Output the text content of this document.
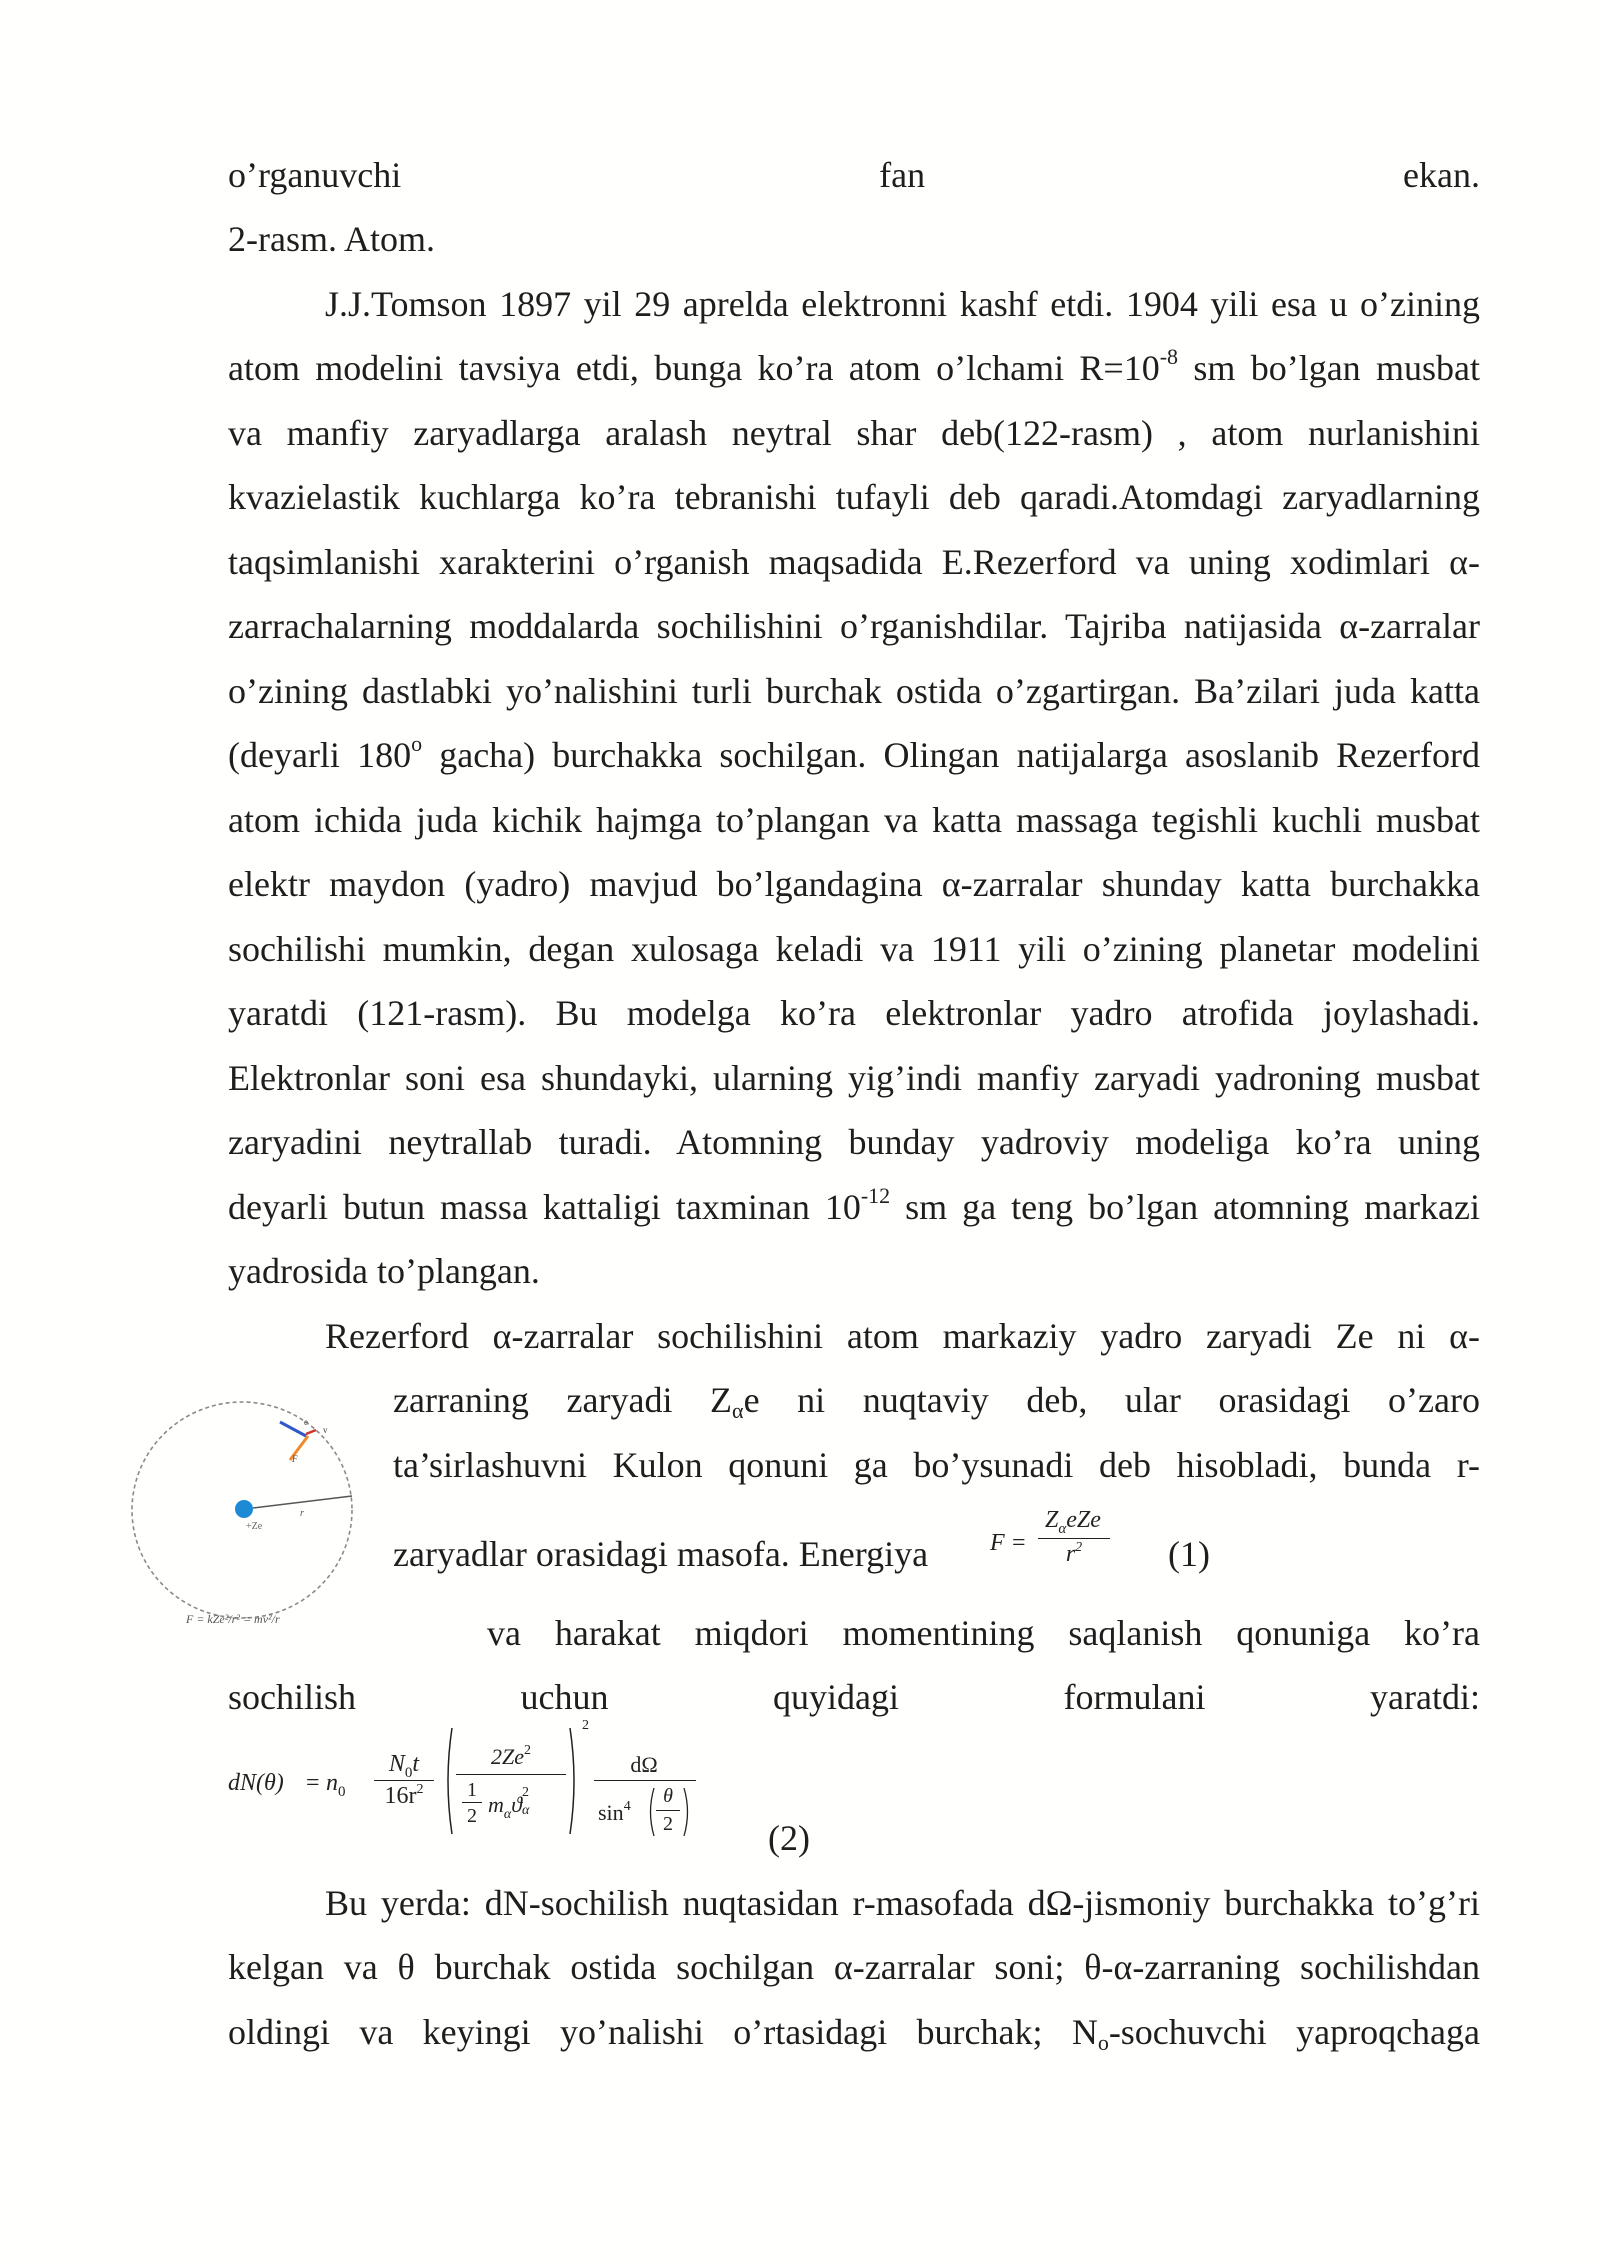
o’rganuvchi	fan	ekan.
2-rasm. Atom.
J.J.Tomson 1897 yil 29 aprelda elektronni kashf etdi. 1904 yili esa u o’zining
atom modelini tavsiya etdi, bunga ko’ra atom o’lchami $R=10^{-8}$ sm bo’lgan musbat
va manfiy zaryadlarga aralash neytral shar deb(122-rasm) , atom nurlanishini
kvazielastik kuchlarga ko’ra tebranishi tufayli deb qaradi.Atomdagi zaryadlarning
taqsimlanishi xarakterini o’rganish maqsadida E.Rezerford va uning xodimlari α-
zarrachalarning moddalarda sochilishini o’rganishdilar. Tajriba natijasida α-zarralar
o’zining dastlabki yo’nalishini turli burchak ostida o’zgartirgan. Ba’zilari juda katta
(deyarli 180$^o$ gacha) burchakka sochilgan. Olingan natijalarga asoslanib Rezerford
atom ichida juda kichik hajmga to’plangan va katta massaga tegishli kuchli musbat
elektr maydon (yadro) mavjud bo’lgandagina α-zarralar shunday katta burchakka
sochilishi mumkin, degan xulosaga keladi va 1911 yili o’zining planetar modelini
yaratdi (121-rasm). Bu modelga ko’ra elektronlar yadro atrofida joylashadi.
Elektronlar soni esa shundayki, ularning yig’indi manfiy zaryadi yadroning musbat
zaryadini neytrallab turadi. Atomning bunday yadroviy modeliga ko’ra uning
deyarli butun massa kattaligi taxminan $10^{-12}$ sm ga teng bo’lgan atomning markazi
yadrosida to’plangan.
Rezerford α-zarralar sochilishini atom markaziy yadro zaryadi Ze ni α-
zarraning zaryadi $Z_\alpha e$ ni nuqtaviy deb, ular orasidagi o’zaro
ta’sirlashuvni Kulon qonuni ga bo’ysunadi deb hisobladi, bunda r-
zaryadlar orasidagi masofa. Energiya	F =
$Z_\alpha eZe$
$r^2$	(1)
va harakat miqdori momentining saqlanish qonuniga ko’ra
sochilish	uchun	quyidagi	formulani	yaratdi:
$dN(\theta) = n_0$
$N_0t$
$16r^2$
2Ze$^2$
1
2 $m_\alpha ϑ$ 2
α
2
dΩ
$\sin^4$	θ
2	(2)
Bu yerda: dN-sochilish nuqtasidan r-masofada dΩ-jismoniy burchakka to’g’ri
kelgan va θ burchak ostida sochilgan α-zarralar soni; θ-α-zarraning sochilishdan
oldingi va keyingi yo’nalishi o’rtasidagi burchak; $N_o$-sochuvchi yaproqchaga
r
+Ze
e
v
F
F = kZe²/r² = mv²/r
